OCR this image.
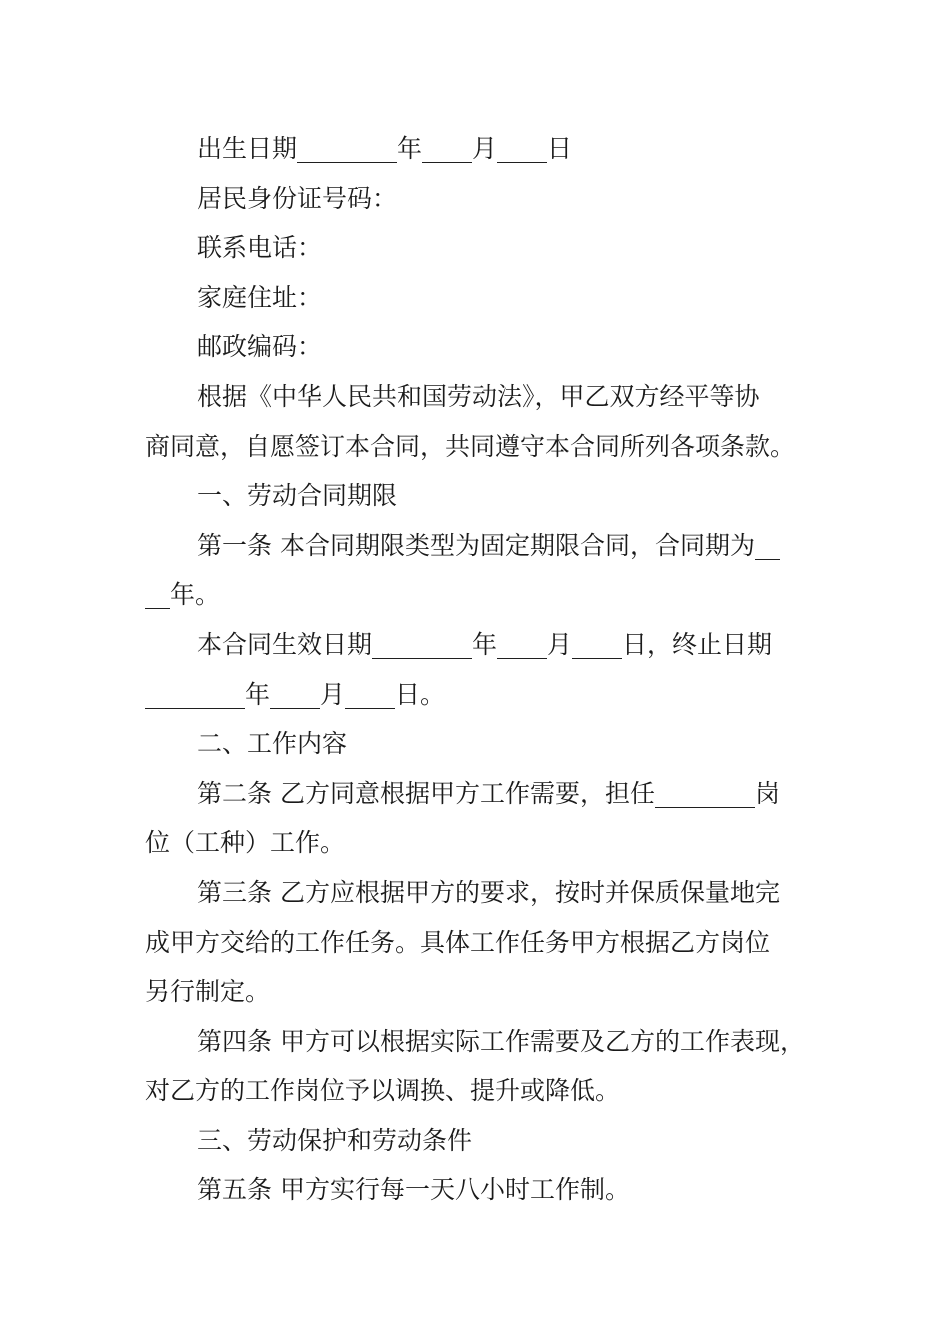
出生日期________年____月____日
居民身份证号码：
联系电话：
家庭住址：
邮政编码：
根据《中华人民共和国劳动法》，甲乙双方经平等协
商同意，自愿签订本合同，共同遵守本合同所列各项条款。
一、劳动合同期限
第一条 本合同期限类型为固定期限合同，合同期为__
__年。
本合同生效日期________年____月____日，终止日期
________年____月____日。
二、工作内容
第二条 乙方同意根据甲方工作需要，担任________岗
位（工种）工作。
第三条 乙方应根据甲方的要求，按时并保质保量地完
成甲方交给的工作任务。具体工作任务甲方根据乙方岗位
另行制定。
第四条 甲方可以根据实际工作需要及乙方的工作表现，
对乙方的工作岗位予以调换、提升或降低。
三、劳动保护和劳动条件
第五条 甲方实行每一天八小时工作制。
